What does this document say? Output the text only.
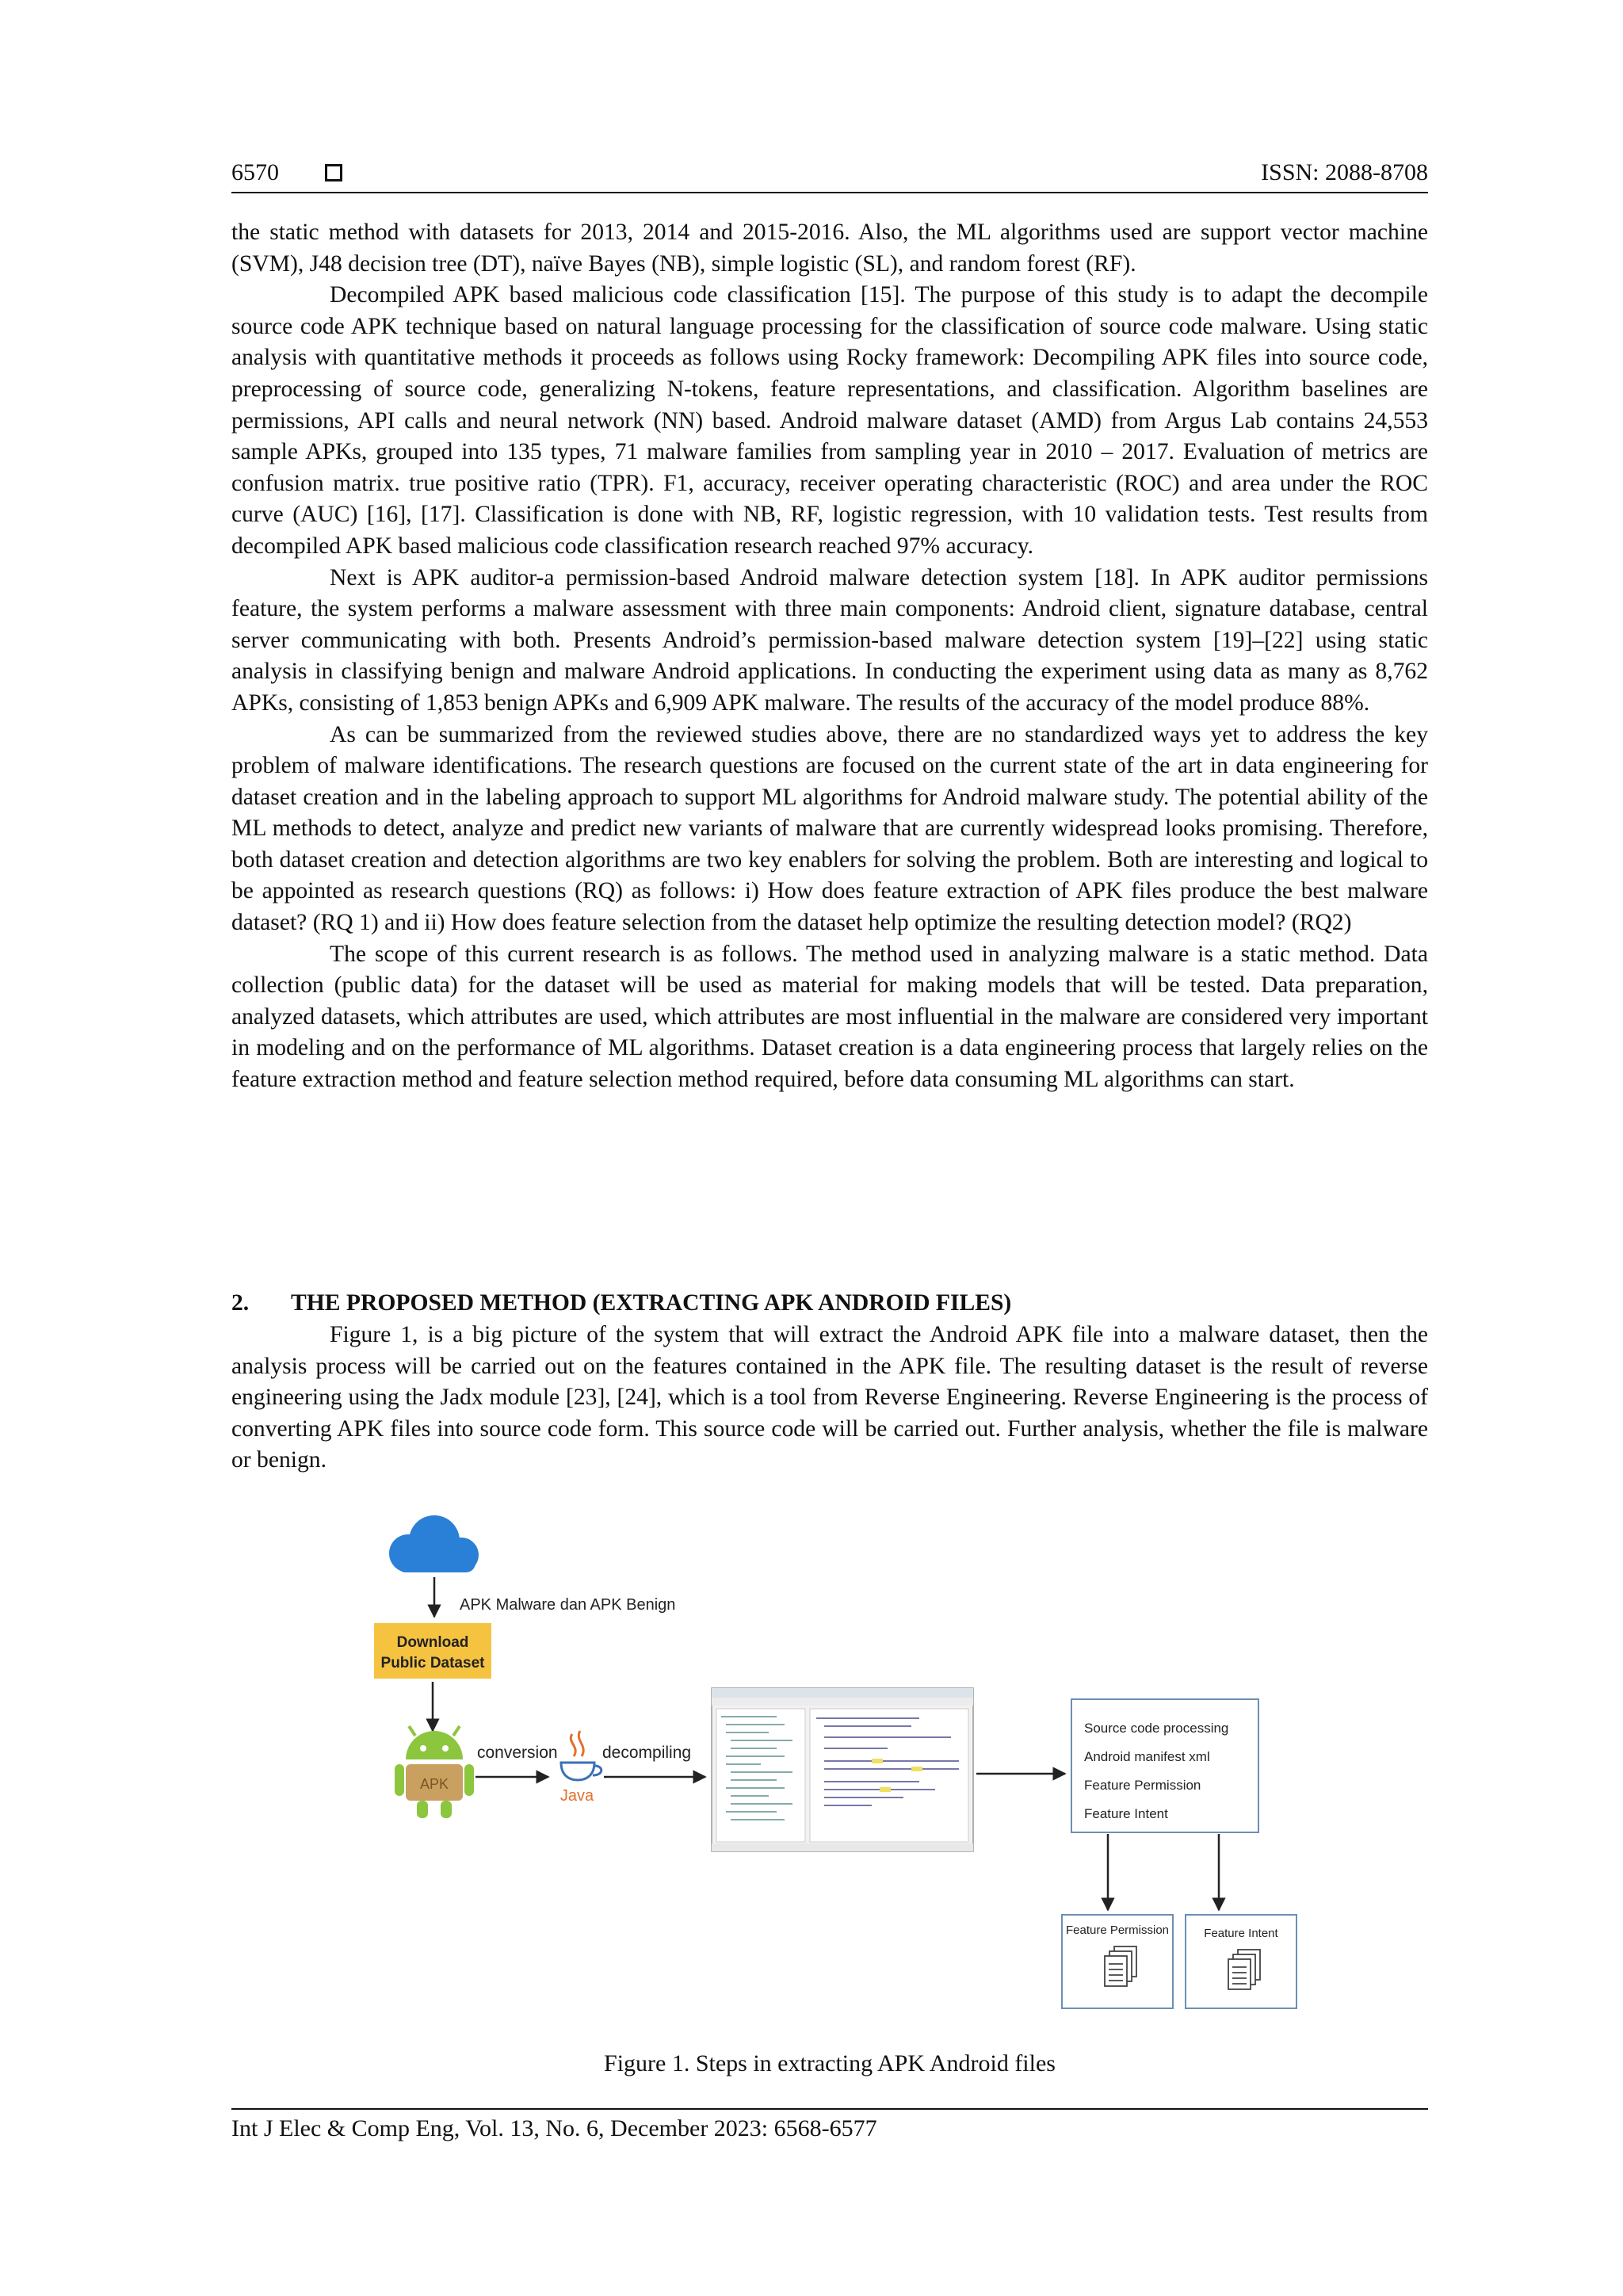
6570	ISSN: 2088-8708

the static method with datasets for 2013, 2014 and 2015-2016. Also, the ML algorithms used are support vector machine (SVM), J48 decision tree (DT), naïve Bayes (NB), simple logistic (SL), and random forest (RF).

Decompiled APK based malicious code classification [15]. The purpose of this study is to adapt the decompile source code APK technique based on natural language processing for the classification of source code malware. Using static analysis with quantitative methods it proceeds as follows using Rocky framework: Decompiling APK files into source code, preprocessing of source code, generalizing N-tokens, feature representations, and classification. Algorithm baselines are permissions, API calls and neural network (NN) based. Android malware dataset (AMD) from Argus Lab contains 24,553 sample APKs, grouped into 135 types, 71 malware families from sampling year in 2010 – 2017. Evaluation of metrics are confusion matrix. true positive ratio (TPR). F1, accuracy, receiver operating characteristic (ROC) and area under the ROC curve (AUC) [16], [17]. Classification is done with NB, RF, logistic regression, with 10 validation tests. Test results from decompiled APK based malicious code classification research reached 97% accuracy.

Next is APK auditor-a permission-based Android malware detection system [18]. In APK auditor permissions feature, the system performs a malware assessment with three main components: Android client, signature database, central server communicating with both. Presents Android’s permission-based malware detection system [19]–[22] using static analysis in classifying benign and malware Android applications. In conducting the experiment using data as many as 8,762 APKs, consisting of 1,853 benign APKs and 6,909 APK malware. The results of the accuracy of the model produce 88%.

As can be summarized from the reviewed studies above, there are no standardized ways yet to address the key problem of malware identifications. The research questions are focused on the current state of the art in data engineering for dataset creation and in the labeling approach to support ML algorithms for Android malware study. The potential ability of the ML methods to detect, analyze and predict new variants of malware that are currently widespread looks promising. Therefore, both dataset creation and detection algorithms are two key enablers for solving the problem. Both are interesting and logical to be appointed as research questions (RQ) as follows: i) How does feature extraction of APK files produce the best malware dataset? (RQ 1) and ii) How does feature selection from the dataset help optimize the resulting detection model? (RQ2)

The scope of this current research is as follows. The method used in analyzing malware is a static method. Data collection (public data) for the dataset will be used as material for making models that will be tested. Data preparation, analyzed datasets, which attributes are used, which attributes are most influential in the malware are considered very important in modeling and on the performance of ML algorithms. Dataset creation is a data engineering process that largely relies on the feature extraction method and feature selection method required, before data consuming ML algorithms can start.

2. THE PROPOSED METHOD (EXTRACTING APK ANDROID FILES)

Figure 1, is a big picture of the system that will extract the Android APK file into a malware dataset, then the analysis process will be carried out on the features contained in the APK file. The resulting dataset is the result of reverse engineering using the Jadx module [23], [24], which is a tool from Reverse Engineering. Reverse Engineering is the process of converting APK files into source code form. This source code will be carried out. Further analysis, whether the file is malware or benign.

APK Malware dan APK Benign
Download
Public Dataset
APK
conversion
Java
decompiling
Source code processing
Android manifest xml
Feature Permission
Feature Intent
Feature Permission	Feature Intent
Figure 1. Steps in extracting APK Android files
Int J Elec & Comp Eng, Vol. 13, No. 6, December 2023: 6568-6577
